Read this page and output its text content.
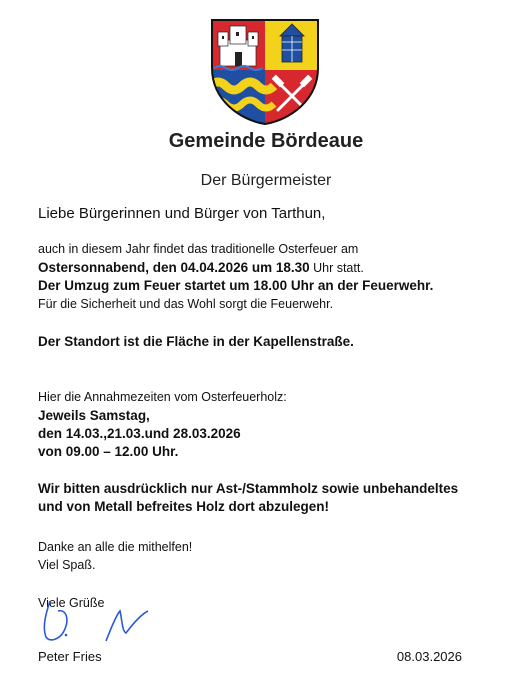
Gemeinde Bördeaue
Der Bürgermeister
Liebe Bürgerinnen und Bürger von Tarthun,
auch in diesem Jahr findet das traditionelle Osterfeuer am
Ostersonnabend, den 04.04.2026 um 18.30 Uhr statt.
Der Umzug zum Feuer startet um 18.00 Uhr an der Feuerwehr.
Für die Sicherheit und das Wohl sorgt die Feuerwehr.
Der Standort ist die Fläche in der Kapellenstraße.
Hier die Annahmezeiten vom Osterfeuerholz:
Jeweils Samstag,
den 14.03.,21.03.und 28.03.2026
von 09.00 – 12.00 Uhr.
Wir bitten ausdrücklich nur Ast-/Stammholz sowie unbehandeltes
und von Metall befreites Holz dort abzulegen!
Danke an alle die mithelfen!
Viel Spaß.
Viele Grüße
Peter Fries	08.03.2026
